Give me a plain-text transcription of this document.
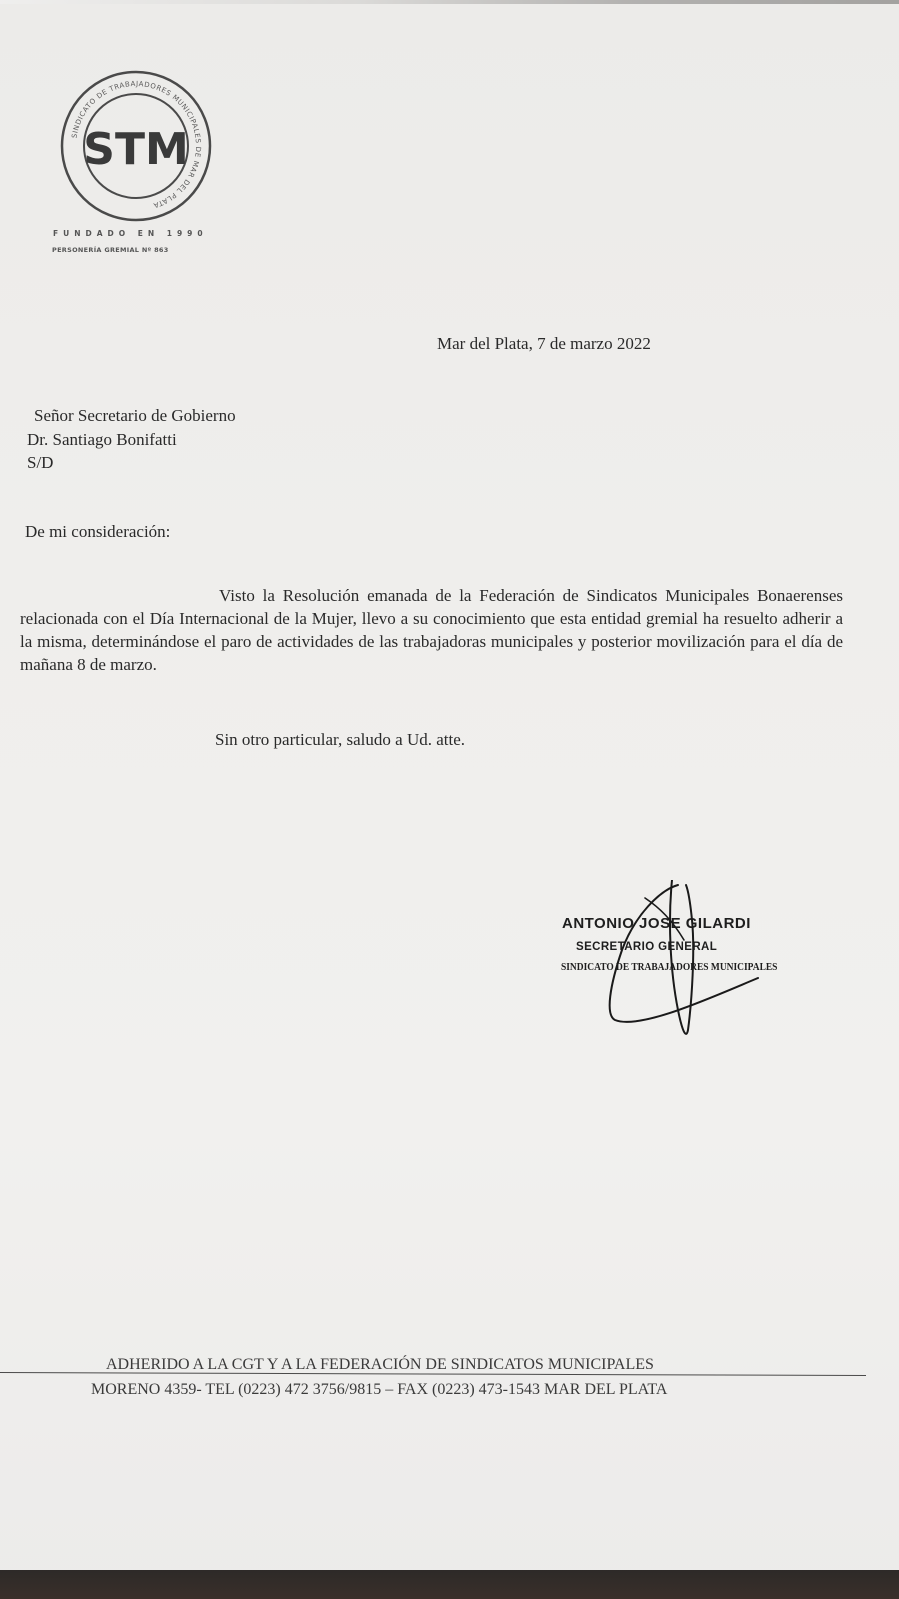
SINDICATO DE TRABAJADORES MUNICIPALES DE MAR DEL PLATA
STM
FUNDADO EN 1990
PERSONERÍA GREMIAL Nº 863

Mar del Plata, 7 de marzo 2022

Señor Secretario de Gobierno

Dr. Santiago Bonifatti

S/D

De mi consideración:

Visto la Resolución emanada de la Federación de Sindicatos Municipales Bonaerenses relacionada con el Día Internacional de la Mujer, llevo a su conocimiento que esta entidad gremial ha resuelto adherir a la misma, determinándose el paro de actividades de las trabajadoras municipales y posterior movilización para el día de mañana 8 de marzo.

Sin otro particular, saludo a Ud. atte.

ANTONIO JOSE GILARDI
SECRETARIO GENERAL
SINDICATO DE TRABAJADORES MUNICIPALES
ADHERIDO A LA CGT Y A LA FEDERACIÓN DE SINDICATOS MUNICIPALES
MORENO 4359- TEL (0223) 472 3756/9815 – FAX (0223) 473-1543 MAR DEL PLATA
